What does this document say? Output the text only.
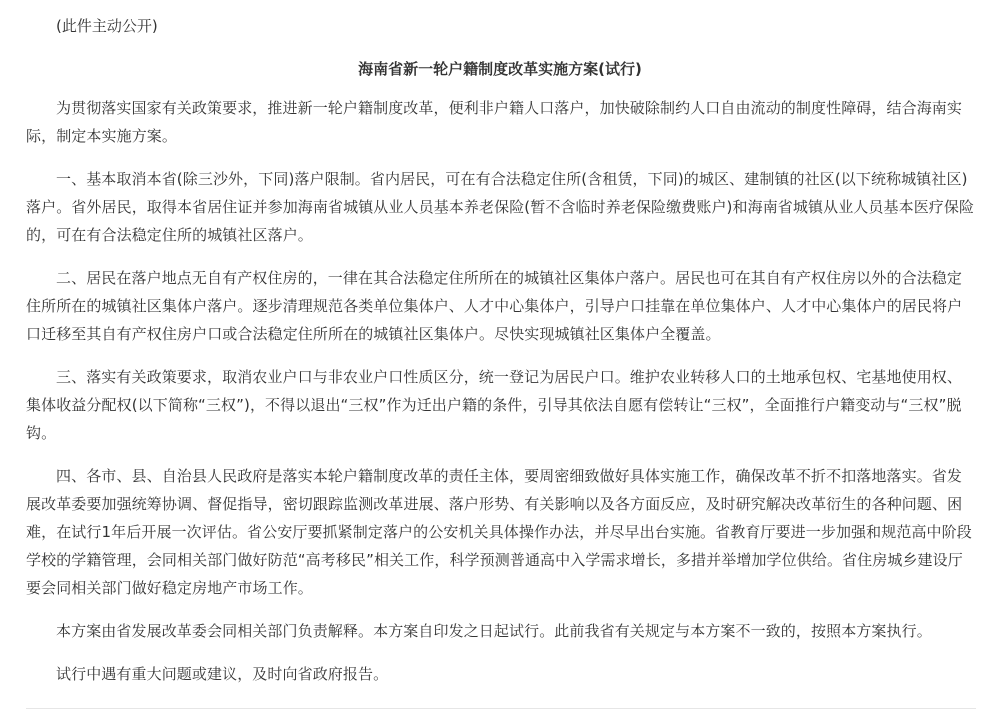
(此件主动公开)

海南省新一轮户籍制度改革实施方案(试行)

为贯彻落实国家有关政策要求，推进新一轮户籍制度改革，便利非户籍人口落户，加快破除制约人口自由流动的制度性障碍，结合海南实际，制定本实施方案。

一、基本取消本省(除三沙外，下同)落户限制。省内居民，可在有合法稳定住所(含租赁，下同)的城区、建制镇的社区(以下统称城镇社区)落户。省外居民，取得本省居住证并参加海南省城镇从业人员基本养老保险(暂不含临时养老保险缴费账户)和海南省城镇从业人员基本医疗保险的，可在有合法稳定住所的城镇社区落户。

二、居民在落户地点无自有产权住房的，一律在其合法稳定住所所在的城镇社区集体户落户。居民也可在其自有产权住房以外的合法稳定住所所在的城镇社区集体户落户。逐步清理规范各类单位集体户、人才中心集体户，引导户口挂靠在单位集体户、人才中心集体户的居民将户口迁移至其自有产权住房户口或合法稳定住所所在的城镇社区集体户。尽快实现城镇社区集体户全覆盖。

三、落实有关政策要求，取消农业户口与非农业户口性质区分，统一登记为居民户口。维护农业转移人口的土地承包权、宅基地使用权、集体收益分配权(以下简称“三权”)，不得以退出“三权”作为迁出户籍的条件，引导其依法自愿有偿转让“三权”，全面推行户籍变动与“三权”脱钩。

四、各市、县、自治县人民政府是落实本轮户籍制度改革的责任主体，要周密细致做好具体实施工作，确保改革不折不扣落地落实。省发展改革委要加强统筹协调、督促指导，密切跟踪监测改革进展、落户形势、有关影响以及各方面反应，及时研究解决改革衍生的各种问题、困难，在试行1年后开展一次评估。省公安厅要抓紧制定落户的公安机关具体操作办法，并尽早出台实施。省教育厅要进一步加强和规范高中阶段学校的学籍管理，会同相关部门做好防范“高考移民”相关工作，科学预测普通高中入学需求增长，多措并举增加学位供给。省住房城乡建设厅要会同相关部门做好稳定房地产市场工作。

本方案由省发展改革委会同相关部门负责解释。本方案自印发之日起试行。此前我省有关规定与本方案不一致的，按照本方案执行。

试行中遇有重大问题或建议，及时向省政府报告。
